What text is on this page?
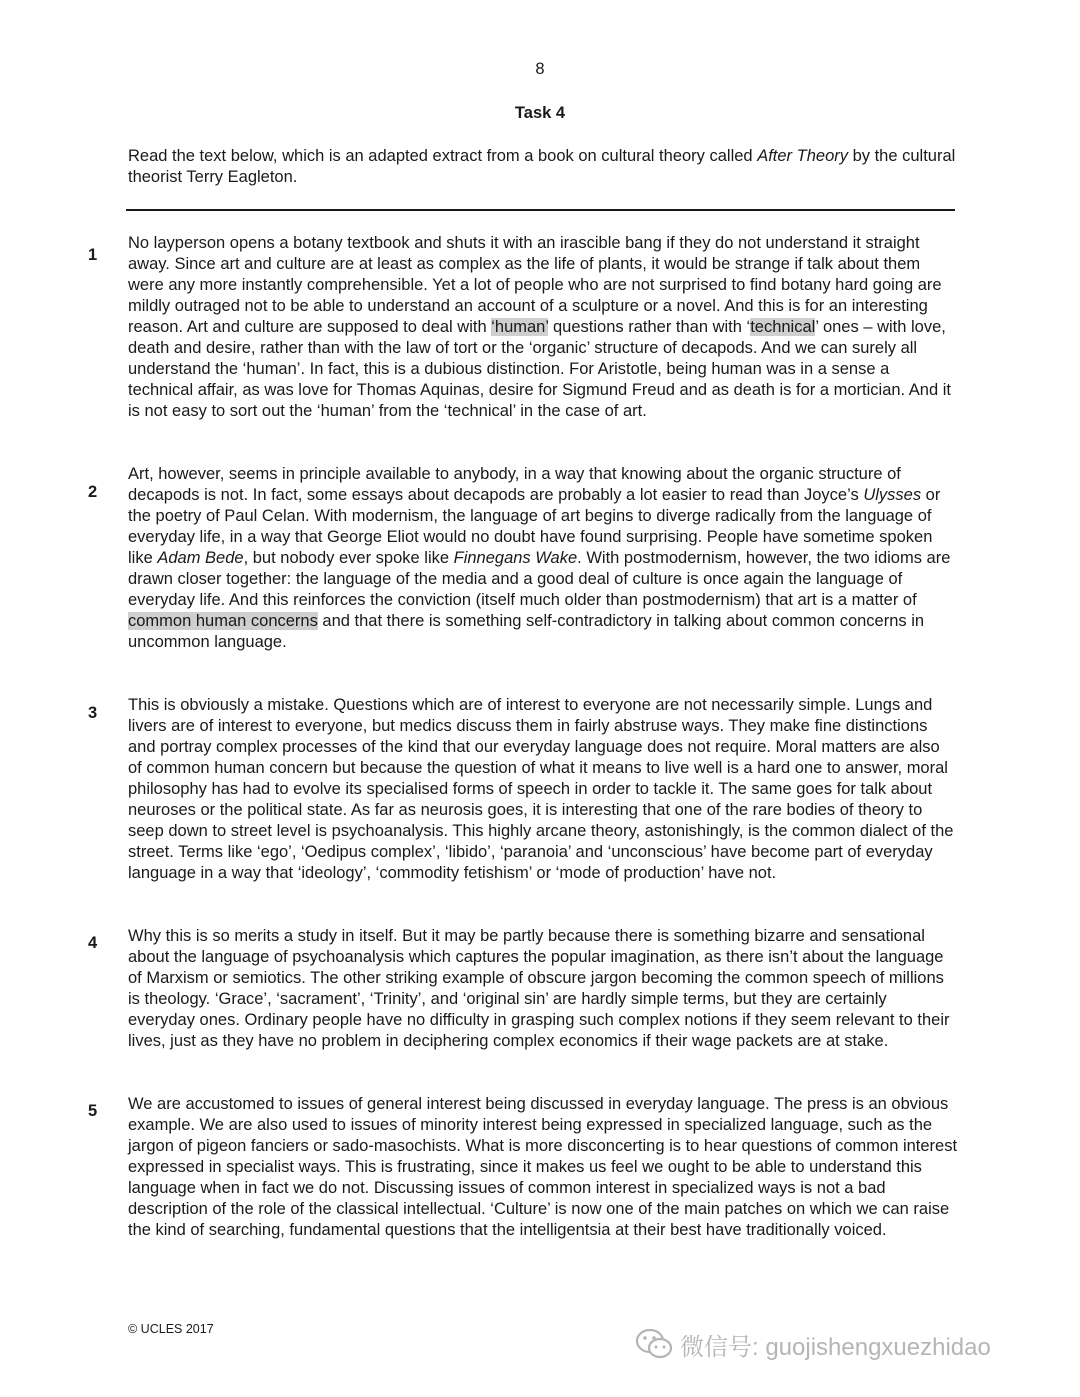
8
Task 4
Read the text below, which is an adapted extract from a book on cultural theory called After Theory by the cultural theorist Terry Eagleton.
1

No layperson opens a botany textbook and shuts it with an irascible bang if they do not understand it straight away. Since art and culture are at least as complex as the life of plants, it would be strange if talk about them were any more instantly comprehensible. Yet a lot of people who are not surprised to find botany hard going are mildly outraged not to be able to understand an account of a sculpture or a novel. And this is for an interesting reason. Art and culture are supposed to deal with ‘human’ questions rather than with ‘technical’ ones – with love, death and desire, rather than with the law of tort or the ‘organic’ structure of decapods. And we can surely all understand the ‘human’. In fact, this is a dubious distinction. For Aristotle, being human was in a sense a technical affair, as was love for Thomas Aquinas, desire for Sigmund Freud and as death is for a mortician. And it is not easy to sort out the ‘human’ from the ‘technical’ in the case of art.

2

Art, however, seems in principle available to anybody, in a way that knowing about the organic structure of decapods is not. In fact, some essays about decapods are probably a lot easier to read than Joyce’s Ulysses or the poetry of Paul Celan. With modernism, the language of art begins to diverge radically from the language of everyday life, in a way that George Eliot would no doubt have found surprising. People have sometime spoken like Adam Bede, but nobody ever spoke like Finnegans Wake. With postmodernism, however, the two idioms are drawn closer together: the language of the media and a good deal of culture is once again the language of everyday life. And this reinforces the conviction (itself much older than postmodernism) that art is a matter of common human concerns and that there is something self-contradictory in talking about common concerns in uncommon language.

3 This is obviously a mistake. Questions which are of interest to everyone are not necessarily simple. Lungs and livers are of interest to everyone, but medics discuss them in fairly abstruse ways. They make fine distinctions and portray complex processes of the kind that our everyday language does not require. Moral matters are also of common human concern but because the question of what it means to live well is a hard one to answer, moral philosophy has had to evolve its specialised forms of speech in order to tackle it. The same goes for talk about neuroses or the political state. As far as neurosis goes, it is interesting that one of the rare bodies of theory to seep down to street level is psychoanalysis. This highly arcane theory, astonishingly, is the common dialect of the street. Terms like ‘ego’, ‘Oedipus complex’, ‘libido’, ‘paranoia’ and ‘unconscious’ have become part of everyday language in a way that ‘ideology’, ‘commodity fetishism’ or ‘mode of production’ have not.

4 Why this is so merits a study in itself. But it may be partly because there is something bizarre and sensational about the language of psychoanalysis which captures the popular imagination, as there isn’t about the language of Marxism or semiotics. The other striking example of obscure jargon becoming the common speech of millions is theology. ‘Grace’, ‘sacrament’, ‘Trinity’, and ‘original sin’ are hardly simple terms, but they are certainly everyday ones. Ordinary people have no difficulty in grasping such complex notions if they seem relevant to their lives, just as they have no problem in deciphering complex economics if their wage packets are at stake.

5 We are accustomed to issues of general interest being discussed in everyday language. The press is an obvious example. We are also used to issues of minority interest being expressed in specialized language, such as the jargon of pigeon fanciers or sado-masochists. What is more disconcerting is to hear questions of common interest expressed in specialist ways. This is frustrating, since it makes us feel we ought to be able to understand this language when in fact we do not. Discussing issues of common interest in specialized ways is not a bad description of the role of the classical intellectual. ‘Culture’ is now one of the main patches on which we can raise the kind of searching, fundamental questions that the intelligentsia at their best have traditionally voiced.

© UCLES 2017
微信号: guojishengxuezhidao
